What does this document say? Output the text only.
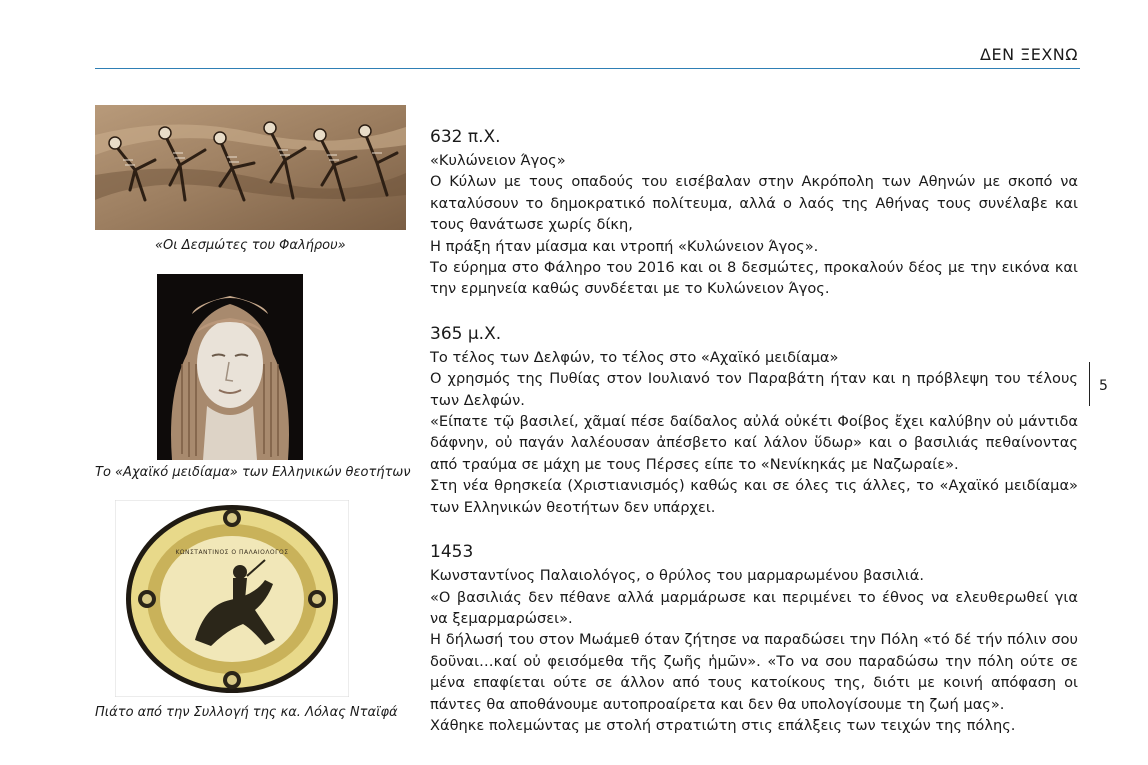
ΔΕΝ ΞΕΧΝΩ
5
«Οι Δεσμώτες του Φαλήρου»
Το «Αχαϊκό μειδίαμα» των Ελληνικών θεοτήτων
ΚΩΝΣΤΑΝΤΙΝΟΣ Ο ΠΑΛΑΙΟΛΟΓΟΣ
Πιάτο από την Συλλογή της κα. Λόλας Νταϊφά
632 π.Χ.

«Κυλώνειον Άγος»

Ο Κύλων με τους οπαδούς του εισέβαλαν στην Ακρόπολη των Αθηνών με σκοπό να καταλύσουν το δημοκρατικό πολίτευμα, αλλά ο λαός της Αθήνας τους συνέλαβε και τους θανάτωσε χωρίς δίκη,

Η πράξη ήταν μίασμα και ντροπή «Κυλώνειον Άγος».

Το εύρημα στο Φάληρο του 2016 και οι 8 δεσμώτες, προκαλούν δέος με την εικόνα και την ερμηνεία καθώς συνδέεται με το Κυλώνειον Άγος.

365 μ.Χ.

Το τέλος των Δελφών, το τέλος στο «Αχαϊκό μειδίαμα»

Ο χρησμός της Πυθίας στον Ιουλιανό τον Παραβάτη ήταν και η πρόβλεψη του τέλους των Δελφών.

«Είπατε τῷ βασιλεί, χᾶμαί πέσε δαίδαλος αὐλά οὐκέτι Φοίβος ἔχει καλύβην οὐ μάντιδα δάφνην, οὐ παγάν λαλέουσαν ἀπέσβετο καί λάλον ὕδωρ» και ο βασιλιάς πεθαίνοντας από τραύμα σε μάχη με τους Πέρσες είπε το «Νενίκηκάς με Ναζωραίε».

Στη νέα θρησκεία (Χριστιανισμός) καθώς και σε όλες τις άλλες, το «Αχαϊκό μειδίαμα» των Ελληνικών θεοτήτων δεν υπάρχει.

1453

Κωνσταντίνος Παλαιολόγος, ο θρύλος του μαρμαρωμένου βασιλιά.

«Ο βασιλιάς δεν πέθανε αλλά μαρμάρωσε και περιμένει το έθνος να ελευθερωθεί για να ξεμαρμαρώσει».

Η δήλωσή του στον Μωάμεθ όταν ζήτησε να παραδώσει την Πόλη «τό δέ τήν πόλιν σου δοῦναι…καί οὐ φεισόμεθα τῆς ζωῆς ἡμῶν». «Το να σου παραδώσω την πόλη ούτε σε μένα επαφίεται ούτε σε άλλον από τους κατοίκους της, διότι με κοινή απόφαση οι πάντες θα αποθάνουμε αυτοπροαίρετα και δεν θα υπολογίσουμε τη ζωή μας».

Χάθηκε πολεμώντας με στολή στρατιώτη στις επάλξεις των τειχών της πόλης.
